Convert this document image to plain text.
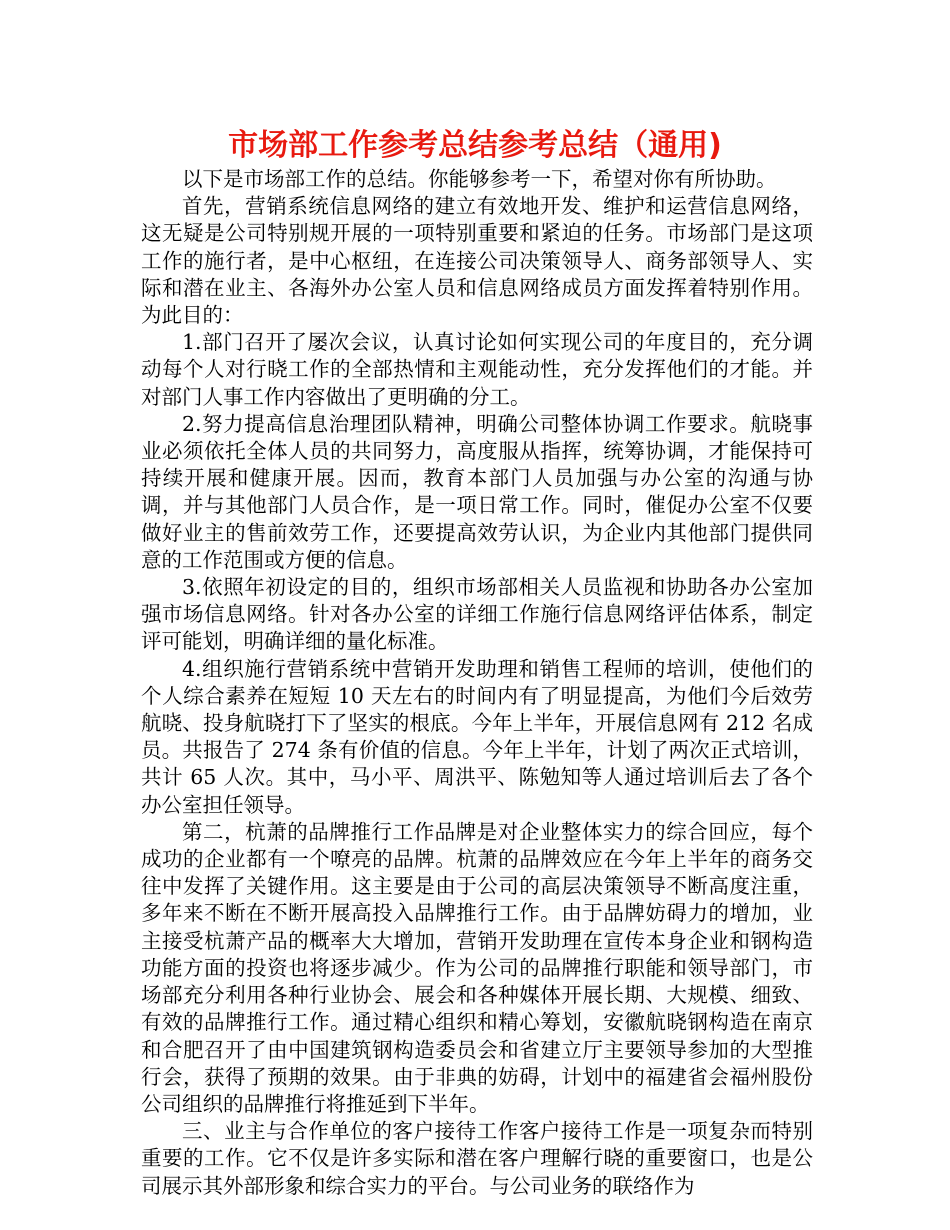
市场部工作参考总结参考总结（通用)

以下是市场部工作的总结。你能够参考一下，希望对你有所协助。

首先，营销系统信息网络的建立有效地开发、维护和运营信息网络，这无疑是公司特别规开展的一项特别重要和紧迫的任务。市场部门是这项工作的施行者，是中心枢纽，在连接公司决策领导人、商务部领导人、实际和潜在业主、各海外办公室人员和信息网络成员方面发挥着特别作用。为此目的：

1.部门召开了屡次会议，认真讨论如何实现公司的年度目的，充分调动每个人对行晓工作的全部热情和主观能动性，充分发挥他们的才能。并对部门人事工作内容做出了更明确的分工。

2.努力提高信息治理团队精神，明确公司整体协调工作要求。航晓事业必须依托全体人员的共同努力，高度服从指挥，统筹协调，才能保持可持续开展和健康开展。因而，教育本部门人员加强与办公室的沟通与协调，并与其他部门人员合作，是一项日常工作。同时，催促办公室不仅要做好业主的售前效劳工作，还要提高效劳认识，为企业内其他部门提供同意的工作范围或方便的信息。

3.依照年初设定的目的，组织市场部相关人员监视和协助各办公室加强市场信息网络。针对各办公室的详细工作施行信息网络评估体系，制定评可能划，明确详细的量化标准。

4.组织施行营销系统中营销开发助理和销售工程师的培训，使他们的个人综合素养在短短 10 天左右的时间内有了明显提高，为他们今后效劳航晓、投身航晓打下了坚实的根底。今年上半年，开展信息网有 212 名成员。共报告了 274 条有价值的信息。今年上半年，计划了两次正式培训，共计 65 人次。其中，马小平、周洪平、陈勉知等人通过培训后去了各个办公室担任领导。

第二，杭萧的品牌推行工作品牌是对企业整体实力的综合回应，每个成功的企业都有一个嘹亮的品牌。杭萧的品牌效应在今年上半年的商务交往中发挥了关键作用。这主要是由于公司的高层决策领导不断高度注重，多年来不断在不断开展高投入品牌推行工作。由于品牌妨碍力的增加，业主接受杭萧产品的概率大大增加，营销开发助理在宣传本身企业和钢构造功能方面的投资也将逐步减少。作为公司的品牌推行职能和领导部门，市场部充分利用各种行业协会、展会和各种媒体开展长期、大规模、细致、有效的品牌推行工作。通过精心组织和精心筹划，安徽航晓钢构造在南京和合肥召开了由中国建筑钢构造委员会和省建立厅主要领导参加的大型推行会，获得了预期的效果。由于非典的妨碍，计划中的福建省会福州股份公司组织的品牌推行将推延到下半年。

三、业主与合作单位的客户接待工作客户接待工作是一项复杂而特别重要的工作。它不仅是许多实际和潜在客户理解行晓的重要窗口，也是公司展示其外部形象和综合实力的平台。与公司业务的联络作为
